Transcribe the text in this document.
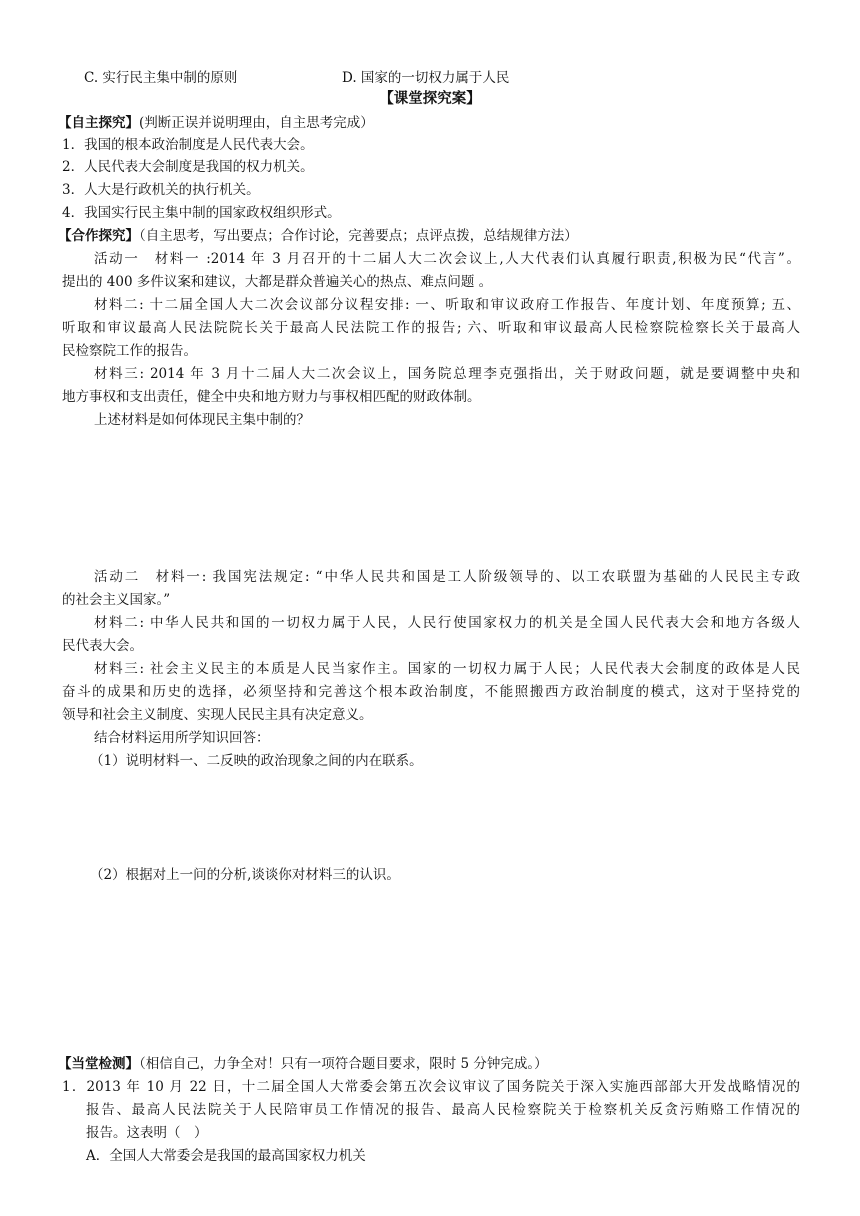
C. 实行民主集中制的原则	D. 国家的一切权力属于人民
【课堂探究案】
【自主探究】(判断正误并说明理由，自主思考完成）
1．我国的根本政治制度是人民代表大会。
2．人民代表大会制度是我国的权力机关。
3．人大是行政机关的执行机关。
4．我国实行民主集中制的国家政权组织形式。
【合作探究】（自主思考，写出要点；合作讨论，完善要点；点评点拨，总结规律方法）
活动一　材料一 :2014 年 3 月召开的十二届人大二次会议上,人大代表们认真履行职责,积极为民“代言”。
提出的 400 多件议案和建议，大都是群众普遍关心的热点、难点问题 。
材料二: 十二届全国人大二次会议部分议程安排: 一、听取和审议政府工作报告、年度计划、年度预算; 五、
听取和审议最高人民法院院长关于最高人民法院工作的报告; 六、听取和审议最高人民检察院检察长关于最高人
民检察院工作的报告。
材料三: 2014 年 3 月十二届人大二次会议上，国务院总理李克强指出，关于财政问题，就是要调整中央和
地方事权和支出责任，健全中央和地方财力与事权相匹配的财政体制。
上述材料是如何体现民主集中制的？
活动二　材料一: 我国宪法规定: “中华人民共和国是工人阶级领导的、以工农联盟为基础的人民民主专政
的社会主义国家。”
材料二: 中华人民共和国的一切权力属于人民，人民行使国家权力的机关是全国人民代表大会和地方各级人
民代表大会。
材料三: 社会主义民主的本质是人民当家作主。国家的一切权力属于人民；人民代表大会制度的政体是人民
奋斗的成果和历史的选择，必须坚持和完善这个根本政治制度，不能照搬西方政治制度的模式，这对于坚持党的
领导和社会主义制度、实现人民民主具有决定意义。
结合材料运用所学知识回答：
（1）说明材料一、二反映的政治现象之间的内在联系。
（2）根据对上一问的分析,谈谈你对材料三的认识。
【当堂检测】（相信自己，力争全对！只有一项符合题目要求，限时 5 分钟完成。）
1．2013 年 10 月 22 日，十二届全国人大常委会第五次会议审议了国务院关于深入实施西部部大开发战略情况的
报告、最高人民法院关于人民陪审员工作情况的报告、最高人民检察院关于检察机关反贪污贿赂工作情况的
报告。这表明（　）
A．全国人大常委会是我国的最高国家权力机关
